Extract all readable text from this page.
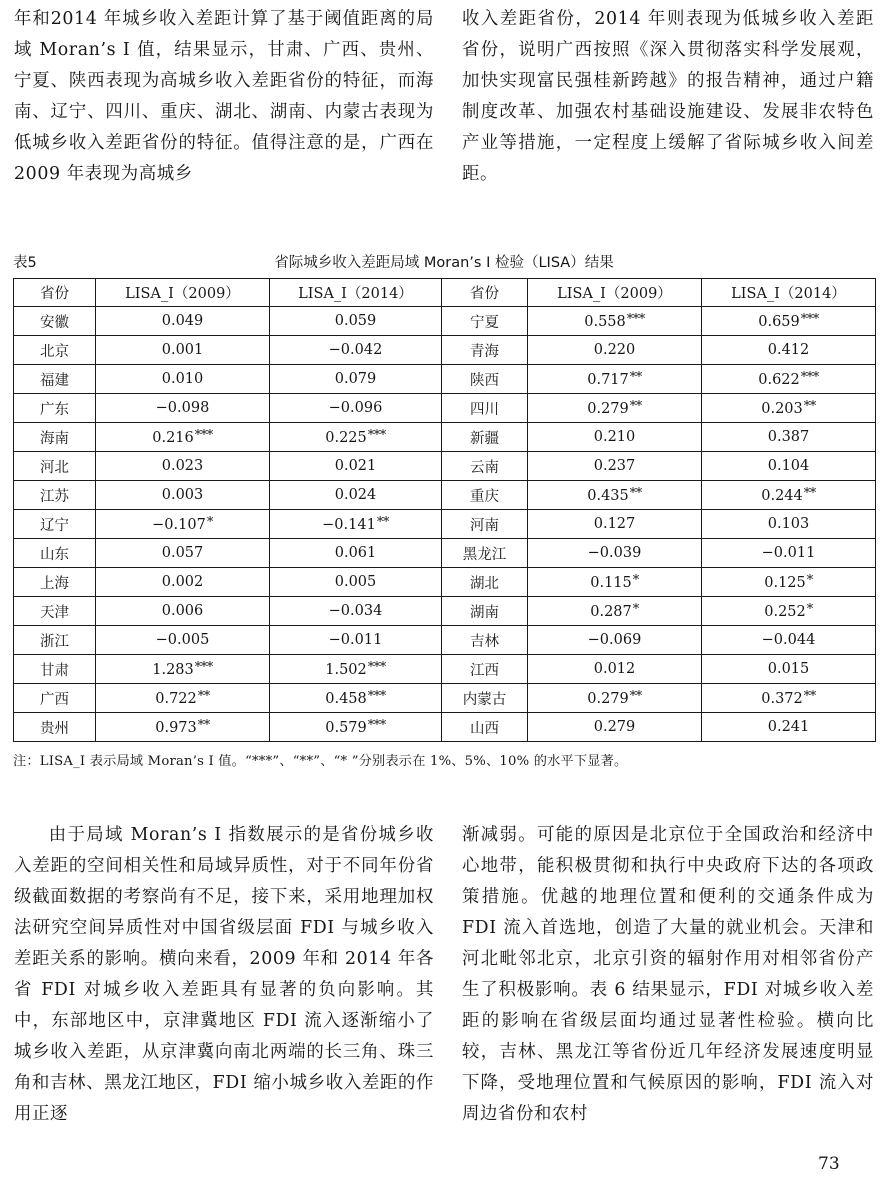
年和2014 年城乡收入差距计算了基于阈值距离的局域 Moran’s I 值，结果显示，甘肃、广西、贵州、宁夏、陕西表现为高城乡收入差距省份的特征，而海南、辽宁、四川、重庆、湖北、湖南、内蒙古表现为低城乡收入差距省份的特征。值得注意的是，广西在 2009 年表现为高城乡

收入差距省份，2014 年则表现为低城乡收入差距省份，说明广西按照《深入贯彻落实科学发展观，加快实现富民强桂新跨越》的报告精神，通过户籍制度改革、加强农村基础设施建设、发展非农特色产业等措施，一定程度上缓解了省际城乡收入间差距。

表5	省际城乡收入差距局域 Moran’s I 检验（LISA）结果
省份	LISA_I（2009）	LISA_I（2014）	省份	LISA_I（2009）	LISA_I（2014）
安徽	0.049	0.059	宁夏	0.558***	0.659***
北京	0.001	−0.042	青海	0.220	0.412
福建	0.010	0.079	陕西	0.717**	0.622***
广东	−0.098	−0.096	四川	0.279**	0.203**
海南	0.216***	0.225***	新疆	0.210	0.387
河北	0.023	0.021	云南	0.237	0.104
江苏	0.003	0.024	重庆	0.435**	0.244**
辽宁	−0.107*	−0.141**	河南	0.127	0.103
山东	0.057	0.061	黑龙江	−0.039	−0.011
上海	0.002	0.005	湖北	0.115*	0.125*
天津	0.006	−0.034	湖南	0.287*	0.252*
浙江	−0.005	−0.011	吉林	−0.069	−0.044
甘肃	1.283***	1.502***	江西	0.012	0.015
广西	0.722**	0.458***	内蒙古	0.279**	0.372**
贵州	0.973**	0.579***	山西	0.279	0.241
注：LISA_I 表示局域 Moran’s I 值。“***”、“**”、“* ”分别表示在 1%、5%、10% 的水平下显著。

由于局域 Moran’s I 指数展示的是省份城乡收入差距的空间相关性和局域异质性，对于不同年份省级截面数据的考察尚有不足，接下来，采用地理加权法研究空间异质性对中国省级层面 FDI 与城乡收入差距关系的影响。横向来看，2009 年和 2014 年各省 FDI 对城乡收入差距具有显著的负向影响。其中，东部地区中，京津冀地区 FDI 流入逐渐缩小了城乡收入差距，从京津冀向南北两端的长三角、珠三角和吉林、黑龙江地区，FDI 缩小城乡收入差距的作用正逐

渐减弱。可能的原因是北京位于全国政治和经济中心地带，能积极贯彻和执行中央政府下达的各项政策措施。优越的地理位置和便利的交通条件成为 FDI 流入首选地，创造了大量的就业机会。天津和河北毗邻北京，北京引资的辐射作用对相邻省份产生了积极影响。表 6 结果显示，FDI 对城乡收入差距的影响在省级层面均通过显著性检验。横向比较，吉林、黑龙江等省份近几年经济发展速度明显下降，受地理位置和气候原因的影响，FDI 流入对周边省份和农村

73
